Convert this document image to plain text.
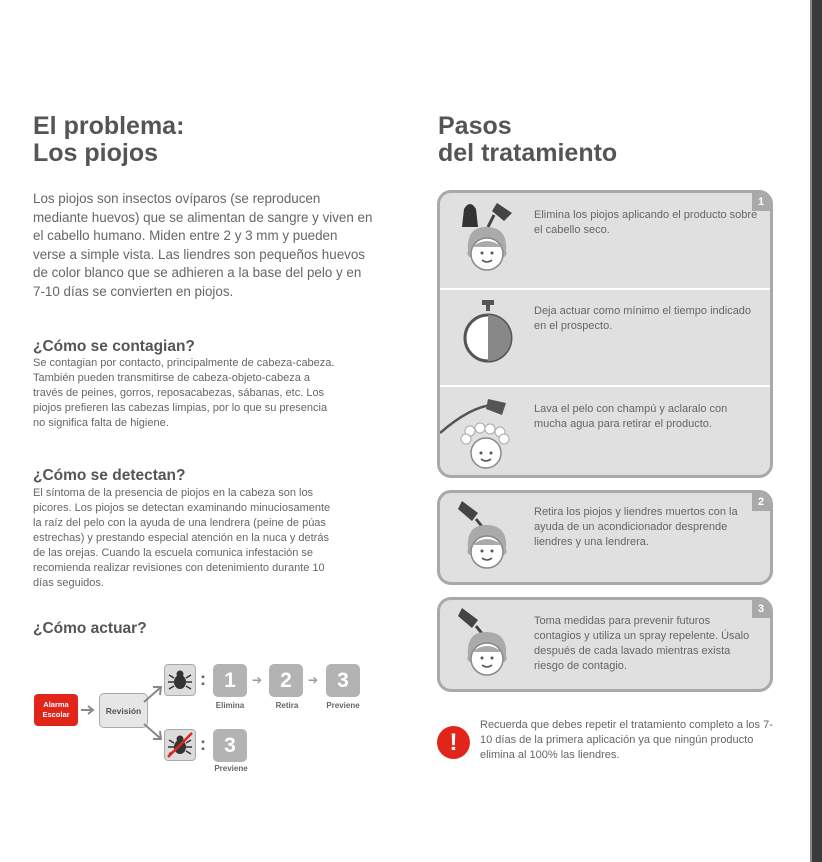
El problema:
Los piojos
Los piojos son insectos ovíparos (se reproducen mediante huevos) que se alimentan de sangre y viven en el cabello humano. Miden entre 2 y 3 mm y pueden verse a simple vista. Las liendres son pequeños huevos de color blanco que se adhieren a la base del pelo y en 7-10 días se convierten en piojos.
¿Cómo se contagian?
Se contagian por contacto, principalmente de cabeza-cabeza. También pueden transmitirse de cabeza-objeto-cabeza a través de peines, gorros, reposacabezas, sábanas, etc. Los piojos prefieren las cabezas limpias, por lo que su presencia no significa falta de higiene.
¿Cómo se detectan?
El síntoma de la presencia de piojos en la cabeza son los picores. Los piojos se detectan examinando minuciosamente la raíz del pelo con la ayuda de una lendrera (peine de púas estrechas) y prestando especial atención en la nuca y detrás de las orejas. Cuando la escuela comunica infestación se recomienda realizar revisiones con detenimiento durante 10 días seguidos.
¿Cómo actuar?
Alarma Escolar	Revisión
: 1
Elimina
➔ 2
Retira
➔ 3
Previene
: 3
Previene
Pasos
del tratamiento
1
Elimina los piojos aplicando el producto sobre el cabello seco.
Deja actuar como mínimo el tiempo indicado en el prospecto.
Lava el pelo con champú y aclaralo con mucha agua para retirar el producto.
2
Retira los piojos y liendres muertos con la ayuda de un acondicionador desprende liendres y una lendrera.
3
Toma medidas para prevenir futuros contagios y utiliza un spray repelente. Úsalo después de cada lavado mientras exista riesgo de contagio.
!
Recuerda que debes repetir el tratamiento completo a los 7-10 días de la primera aplicación ya que ningún producto elimina al 100% las liendres.
